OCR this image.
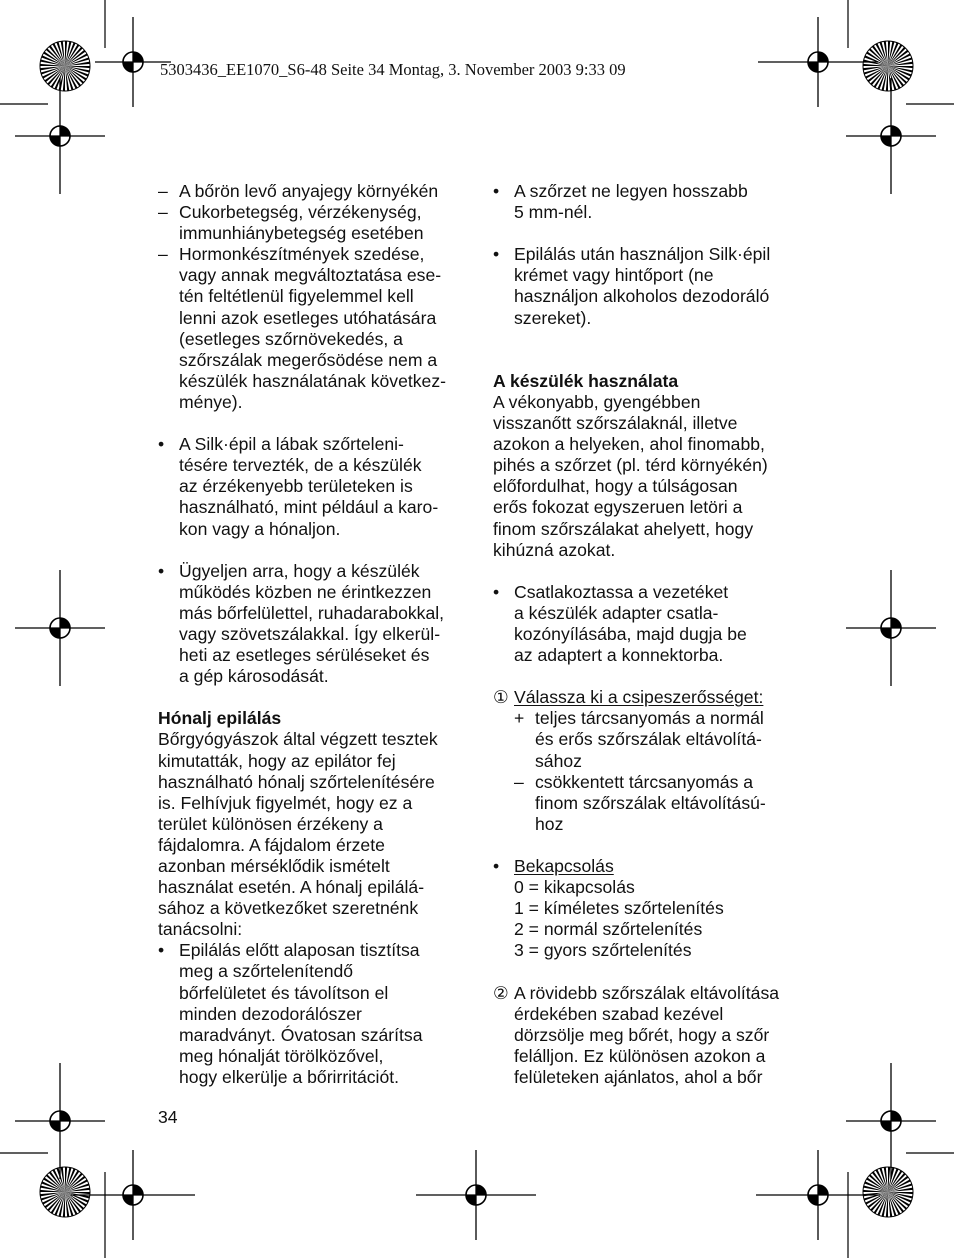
5303436_EE1070_S6-48 Seite 34 Montag, 3. November 2003 9:33 09
– A bőrön levő anyajegy környékén
– Cukorbetegség, vérzékenység,
immunhiánybetegség esetében
– Hormonkészítmények szedése,
vagy annak megváltoztatása ese-
tén feltétlenül figyelemmel kell
lenni azok esetleges utóhatására
(esetleges szőrnövekedés, a
szőrszálak megerősödése nem a
készülék használatának következ-
ménye).
• A Silk·épil a lábak szőrteleni-
tésére tervezték, de a készülék
az érzékenyebb területeken is
használható, mint például a karo-
kon vagy a hónaljon.
• Ügyeljen arra, hogy a készülék
működés közben ne érintkezzen
más bőrfelülettel, ruhadarabokkal,
vagy szövetszálakkal. Így elkerül-
heti az esetleges sérüléseket és
a gép károsodását.
Hónalj epilálás
Bőrgyógyászok által végzett tesztek
kimutatták, hogy az epilátor fej
használható hónalj szőrtelenítésére
is. Felhívjuk figyelmét, hogy ez a
terület különösen érzékeny a
fájdalomra. A fájdalom érzete
azonban mérséklődik ismételt
használat esetén. A hónalj epilálá-
sához a következőket szeretnénk
tanácsolni:
• Epilálás előtt alaposan tisztítsa
meg a szőrtelenítendő
bőrfelületet és távolítson el
minden dezodorálószer
maradványt. Óvatosan szárítsa
meg hónalját törölközővel,
hogy elkerülje a bőrirritációt.
• A szőrzet ne legyen hosszabb
5 mm-nél.
• Epilálás után használjon Silk·épil
krémet vagy hintőport (ne
használjon alkoholos dezodoráló
szereket).
A készülék használata
A vékonyabb, gyengébben
visszanőtt szőrszálaknál, illetve
azokon a helyeken, ahol finomabb,
pihés a szőrzet (pl. térd környékén)
előfordulhat, hogy a túlságosan
erős fokozat egyszeruen letöri a
finom szőrszálakat ahelyett, hogy
kihúzná azokat.
• Csatlakoztassa a vezetéket
a készülék adapter csatla-
kozónyílásába, majd dugja be
az adaptert a konnektorba.
① Válassza ki a csipeszerősséget:
+ teljes tárcsanyomás a normál
és erős szőrszálak eltávolítá-
sához
– csökkentett tárcsanyomás a
finom szőrszálak eltávolítású-
hoz
• Bekapcsolás
0 = kikapcsolás
1 = kíméletes szőrtelenítés
2 = normál szőrtelenítés
3 = gyors szőrtelenítés
② A rövidebb szőrszálak eltávolítása
érdekében szabad kezével
dörzsölje meg bőrét, hogy a szőr
felálljon. Ez különösen azokon a
felületeken ajánlatos, ahol a bőr
34
